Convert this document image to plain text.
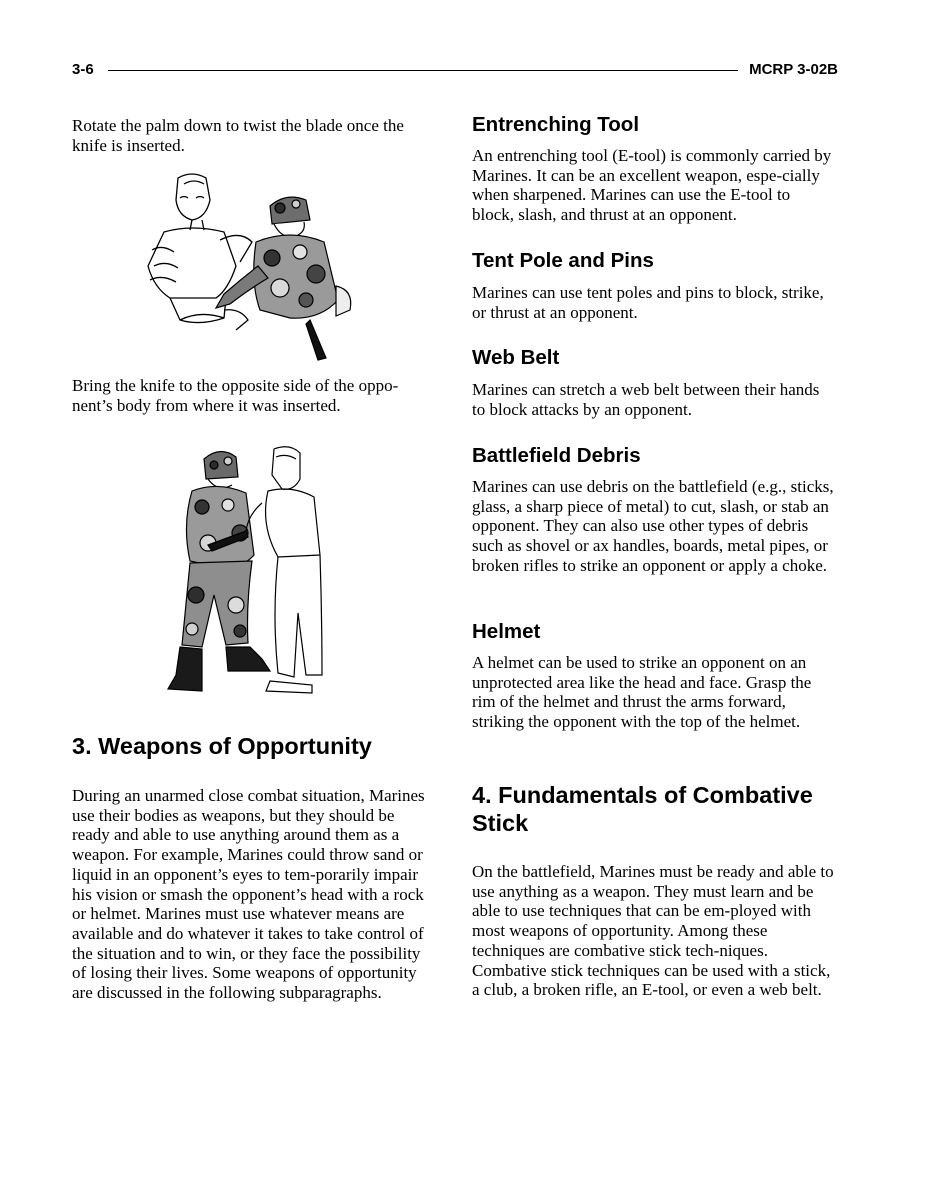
3-6	MCRP 3-02B

Rotate the palm down to twist the blade once the knife is inserted.

Bring the knife to the opposite side of the oppo-nent’s body from where it was inserted.

3. Weapons of Opportunity

During an unarmed close combat situation, Marines use their bodies as weapons, but they should be ready and able to use anything around them as a weapon. For example, Marines could throw sand or liquid in an opponent’s eyes to tem-porarily impair his vision or smash the opponent’s head with a rock or helmet. Marines must use whatever means are available and do whatever it takes to take control of the situation and to win, or they face the possibility of losing their lives. Some weapons of opportunity are discussed in the following subparagraphs.

Entrenching Tool

An entrenching tool (E-tool) is commonly carried by Marines. It can be an excellent weapon, espe-cially when sharpened. Marines can use the E-tool to block, slash, and thrust at an opponent.

Tent Pole and Pins

Marines can use tent poles and pins to block, strike, or thrust at an opponent.

Web Belt

Marines can stretch a web belt between their hands to block attacks by an opponent.

Battlefield Debris

Marines can use debris on the battlefield (e.g., sticks, glass, a sharp piece of metal) to cut, slash, or stab an opponent. They can also use other types of debris such as shovel or ax handles, boards, metal pipes, or broken rifles to strike an opponent or apply a choke.

Helmet

A helmet can be used to strike an opponent on an unprotected area like the head and face. Grasp the rim of the helmet and thrust the arms forward, striking the opponent with the top of the helmet.

4. Fundamentals of Combative Stick

On the battlefield, Marines must be ready and able to use anything as a weapon. They must learn and be able to use techniques that can be em-ployed with most weapons of opportunity. Among these techniques are combative stick tech-niques. Combative stick techniques can be used with a stick, a club, a broken rifle, an E-tool, or even a web belt.
